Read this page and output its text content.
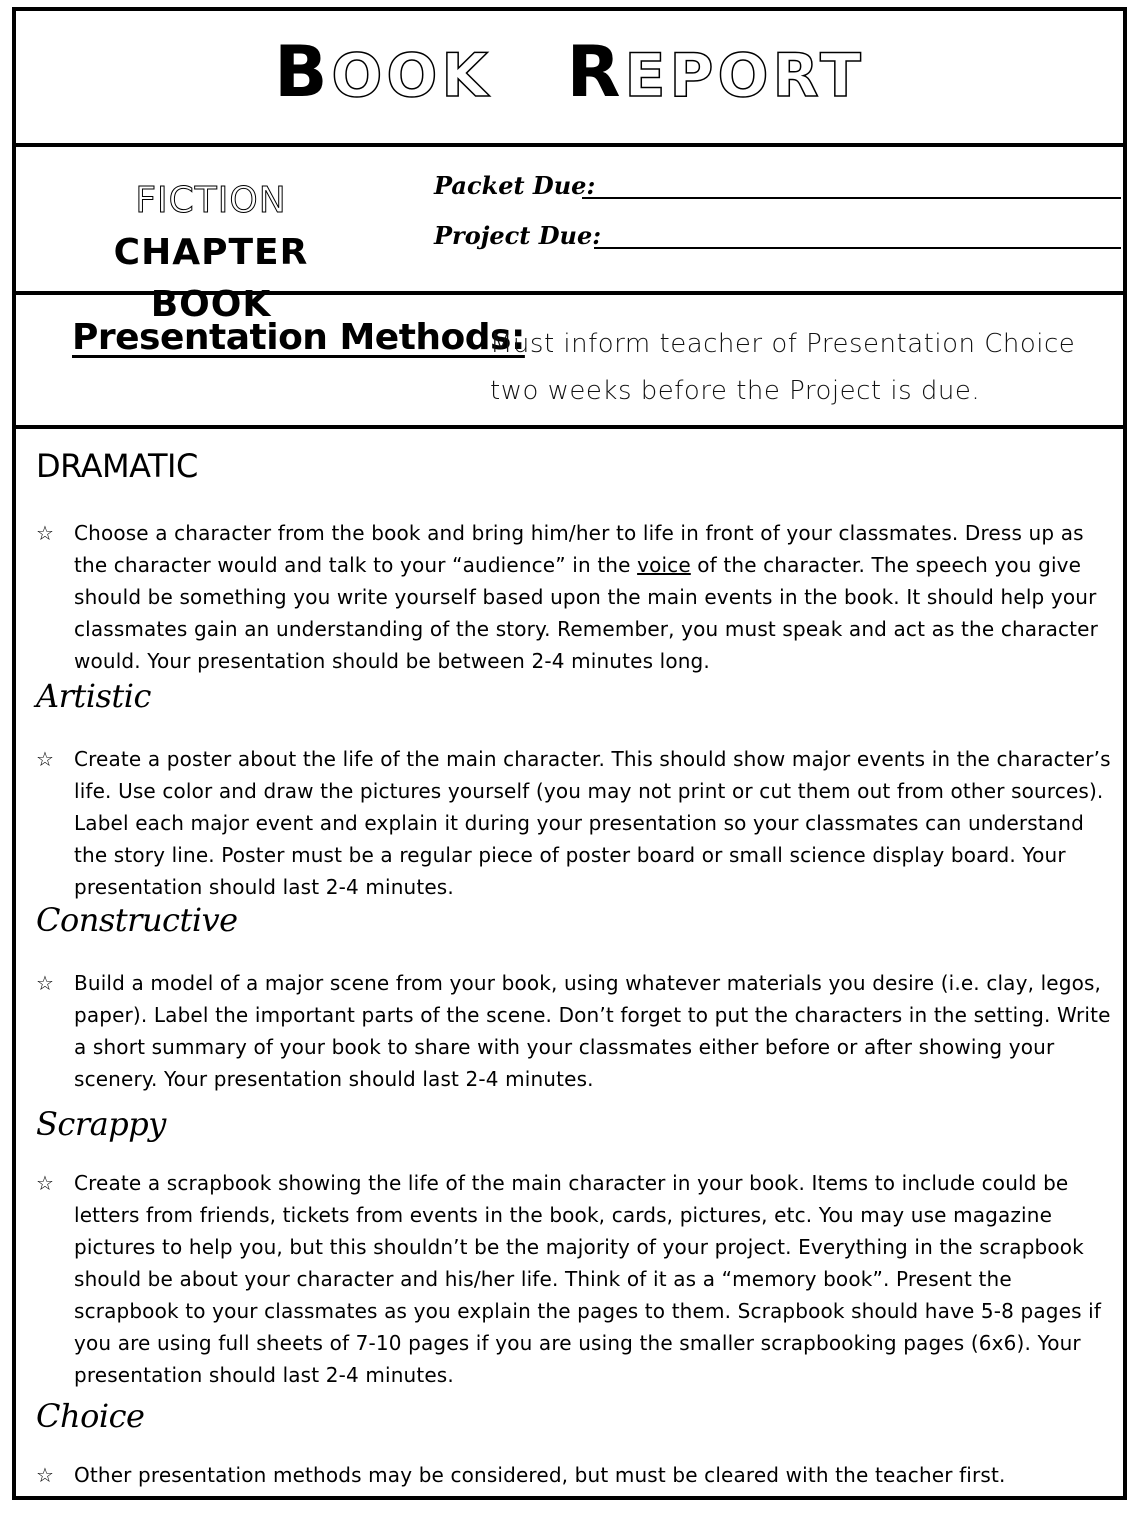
BOOK REPORT
FICTION CHAPTER
BOOK
Packet Due:
Project Due:
Presentation Methods:
Must inform teacher of Presentation Choice
two weeks before the Project is due.
DRAMATIC
☆ Choose a character from the book and bring him/her to life in front of your classmates. Dress up as the character would and talk to your “audience” in the voice of the character. The speech you give should be something you write yourself based upon the main events in the book. It should help your classmates gain an understanding of the story. Remember, you must speak and act as the character would. Your presentation should be between 2-4 minutes long.
Artistic
☆ Create a poster about the life of the main character. This should show major events in the character’s life. Use color and draw the pictures yourself (you may not print or cut them out from other sources). Label each major event and explain it during your presentation so your classmates can understand the story line. Poster must be a regular piece of poster board or small science display board. Your presentation should last 2-4 minutes.
Constructive
☆ Build a model of a major scene from your book, using whatever materials you desire (i.e. clay, legos, paper). Label the important parts of the scene. Don’t forget to put the characters in the setting. Write a short summary of your book to share with your classmates either before or after showing your scenery. Your presentation should last 2-4 minutes.
Scrappy
☆ Create a scrapbook showing the life of the main character in your book. Items to include could be letters from friends, tickets from events in the book, cards, pictures, etc. You may use magazine pictures to help you, but this shouldn’t be the majority of your project. Everything in the scrapbook should be about your character and his/her life. Think of it as a “memory book”. Present the scrapbook to your classmates as you explain the pages to them. Scrapbook should have 5-8 pages if you are using full sheets of 7-10 pages if you are using the smaller scrapbooking pages (6x6). Your presentation should last 2-4 minutes.
Choice
☆ Other presentation methods may be considered, but must be cleared with the teacher first.
